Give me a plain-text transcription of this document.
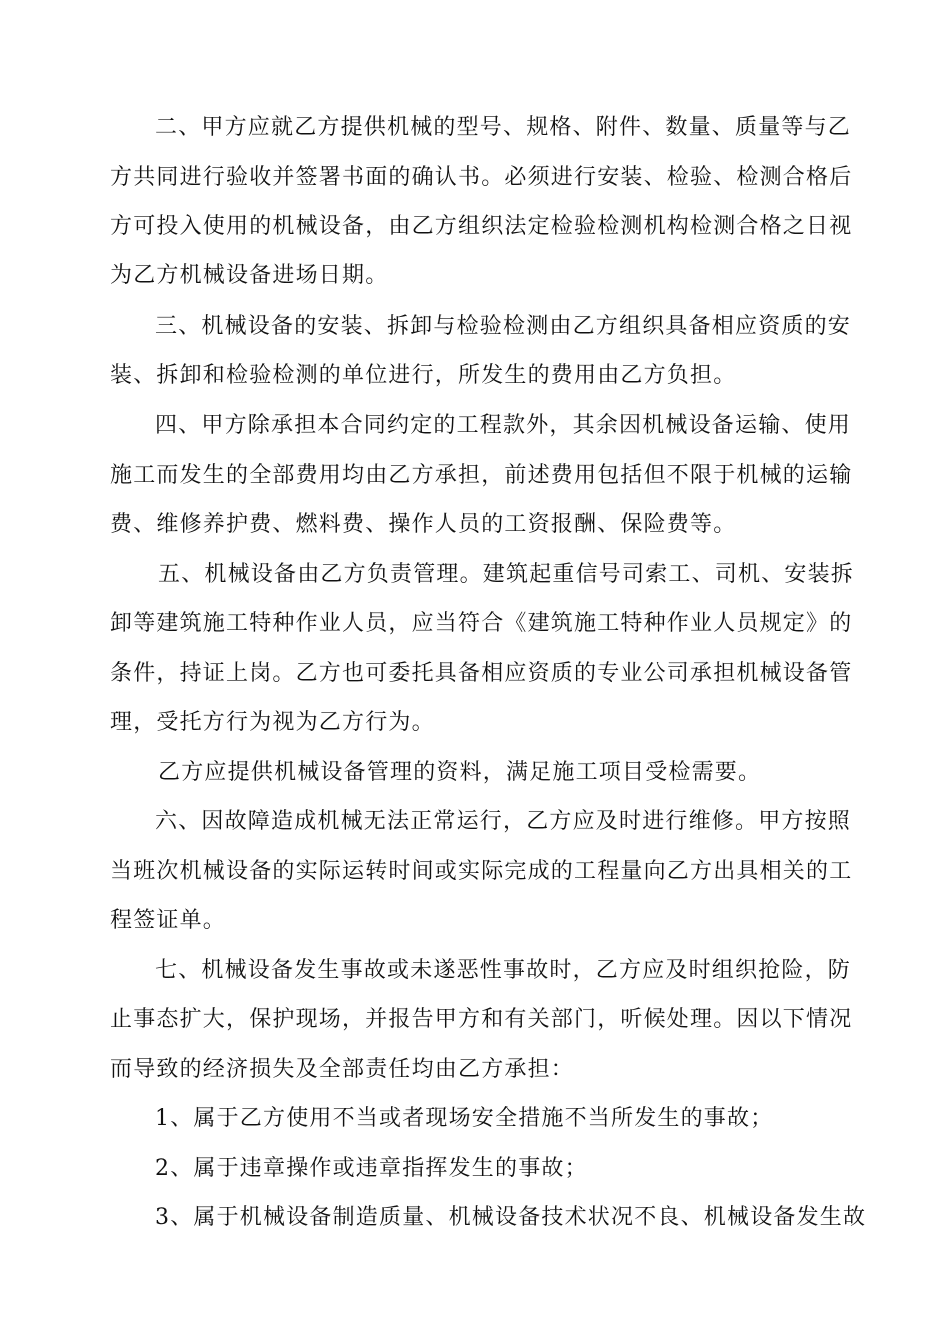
二、甲方应就乙方提供机械的型号、规格、附件、数量、质量等与乙
方共同进行验收并签署书面的确认书。必须进行安装、检验、检测合格后
方可投入使用的机械设备，由乙方组织法定检验检测机构检测合格之日视
为乙方机械设备进场日期。
三、机械设备的安装、拆卸与检验检测由乙方组织具备相应资质的安
装、拆卸和检验检测的单位进行，所发生的费用由乙方负担。
四、甲方除承担本合同约定的工程款外，其余因机械设备运输、使用
施工而发生的全部费用均由乙方承担，前述费用包括但不限于机械的运输
费、维修养护费、燃料费、操作人员的工资报酬、保险费等。
五、机械设备由乙方负责管理。建筑起重信号司索工、司机、安装拆
卸等建筑施工特种作业人员，应当符合《建筑施工特种作业人员规定》的
条件，持证上岗。乙方也可委托具备相应资质的专业公司承担机械设备管
理，受托方行为视为乙方行为。
乙方应提供机械设备管理的资料，满足施工项目受检需要。
六、因故障造成机械无法正常运行，乙方应及时进行维修。甲方按照
当班次机械设备的实际运转时间或实际完成的工程量向乙方出具相关的工
程签证单。
七、机械设备发生事故或未遂恶性事故时，乙方应及时组织抢险，防
止事态扩大，保护现场，并报告甲方和有关部门，听候处理。因以下情况
而导致的经济损失及全部责任均由乙方承担：
1、属于乙方使用不当或者现场安全措施不当所发生的事故；
2、属于违章操作或违章指挥发生的事故；
3、属于机械设备制造质量、机械设备技术状况不良、机械设备发生故
